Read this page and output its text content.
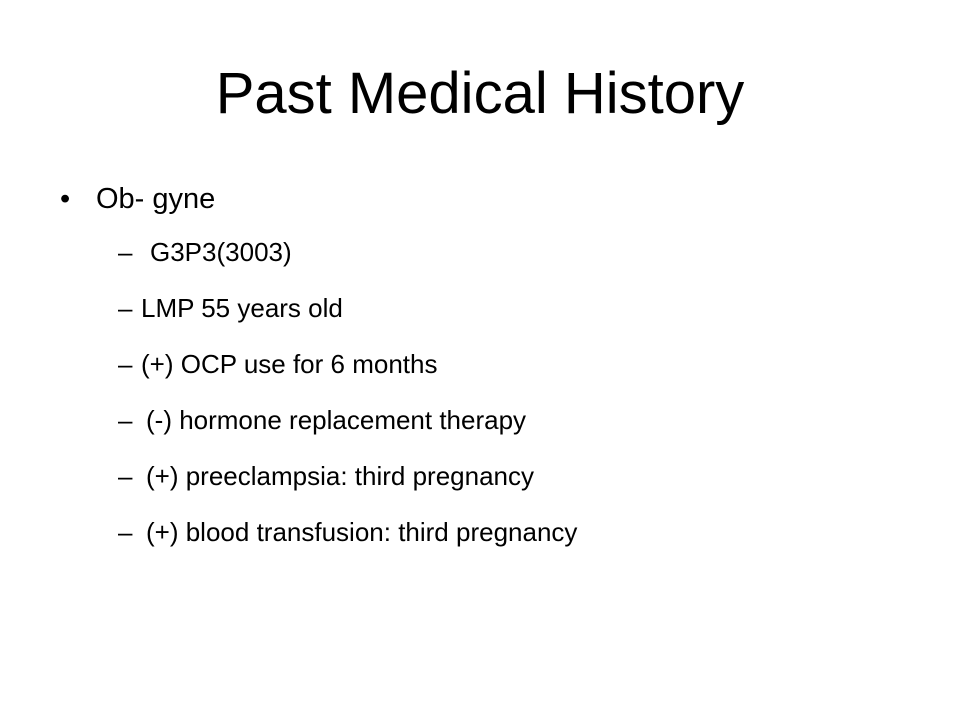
Past Medical History
• Ob- gyne
– G3P3(3003)
– LMP 55 years old
– (+) OCP use for 6 months
– (-) hormone replacement therapy
– (+) preeclampsia: third pregnancy
– (+) blood transfusion: third pregnancy
